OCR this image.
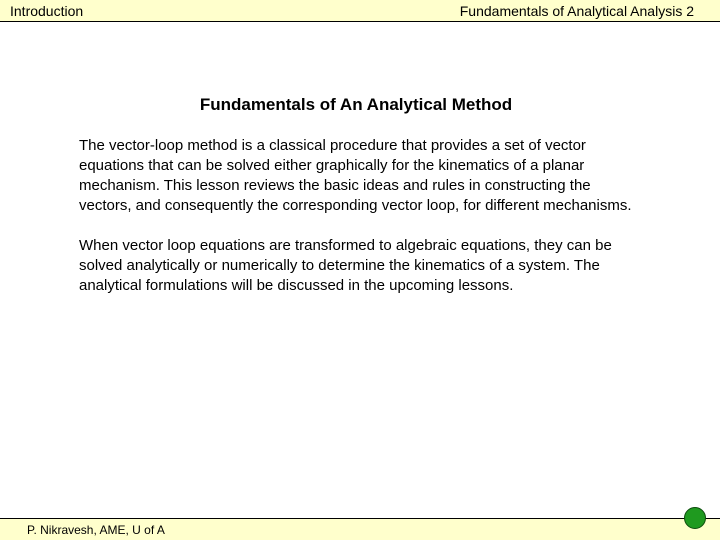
Introduction	Fundamentals of Analytical Analysis 2
Fundamentals of An Analytical Method

The vector-loop method is a classical procedure that provides a set of vector equations that can be solved either graphically for the kinematics of a planar mechanism. This lesson reviews the basic ideas and rules in constructing the vectors, and consequently the corresponding vector loop, for different mechanisms.

When vector loop equations are transformed to algebraic equations, they can be solved analytically or numerically to determine the kinematics of a system. The analytical formulations will be discussed in the upcoming lessons.

P. Nikravesh, AME, U of A
